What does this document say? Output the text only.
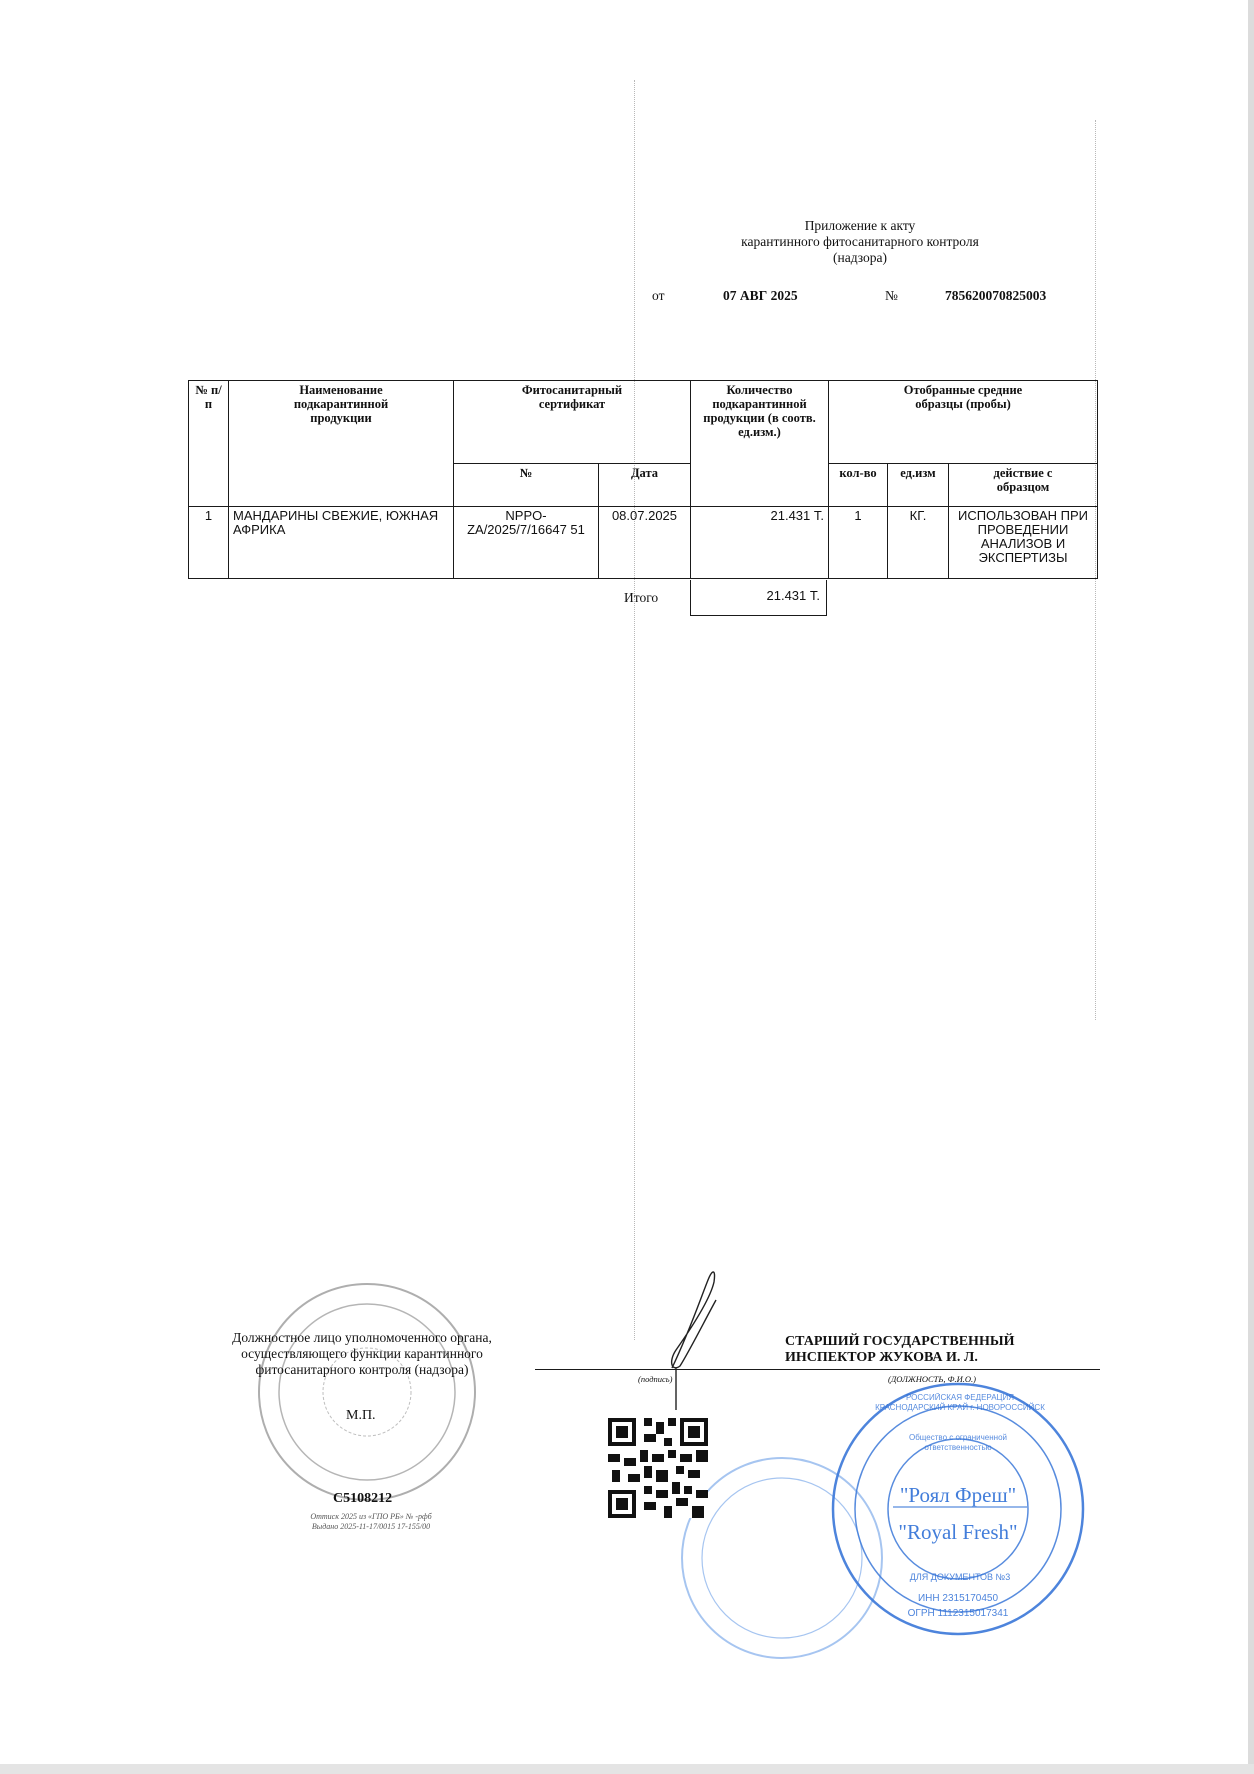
Приложение к акту
карантинного фитосанитарного контроля
(надзора)
от	07 АВГ 2025	№	785620070825003
№ п/п	Наименование подкарантинной продукции	Фитосанитарный сертификат		Количество подкарантинной продукции (в соотв. ед.изм.)	Отобранные средние образцы (пробы)		
		№	Дата		кол-во	ед.изм	действие с образцом
1	МАНДАРИНЫ СВЕЖИЕ, ЮЖНАЯ АФРИКА	NPPO-ZA/2025/7/16647 51	08.07.2025	21.431 Т.	1	КГ.	ИСПОЛЬЗОВАН ПРИ ПРОВЕДЕНИИ АНАЛИЗОВ И ЭКСПЕРТИЗЫ
Итого	21.431 Т.
Должностное лицо уполномоченного органа, осуществляющего функции карантинного фитосанитарного контроля (надзора)
М.П.
С5108212
Оттиск 2025 из «ГПО РБ» № -рфб
Выдано 2025-11-17/0015 17-155/00
СТАРШИЙ ГОСУДАРСТВЕННЫЙ
ИНСПЕКТОР ЖУКОВА И. Л.
(подпись)	(ДОЛЖНОСТЬ, Ф.И.О.)
"Роял Фреш"
"Royal Fresh"
ИНН 2315170450
ОГРН 1112315017341
РОССИЙСКАЯ ФЕДЕРАЦИЯ КРАСНОДАРСКИЙ КРАЙ г. НОВОРОССИЙСК
Общество с ограниченной ответственностью
ДЛЯ ДОКУМЕНТОВ №3
